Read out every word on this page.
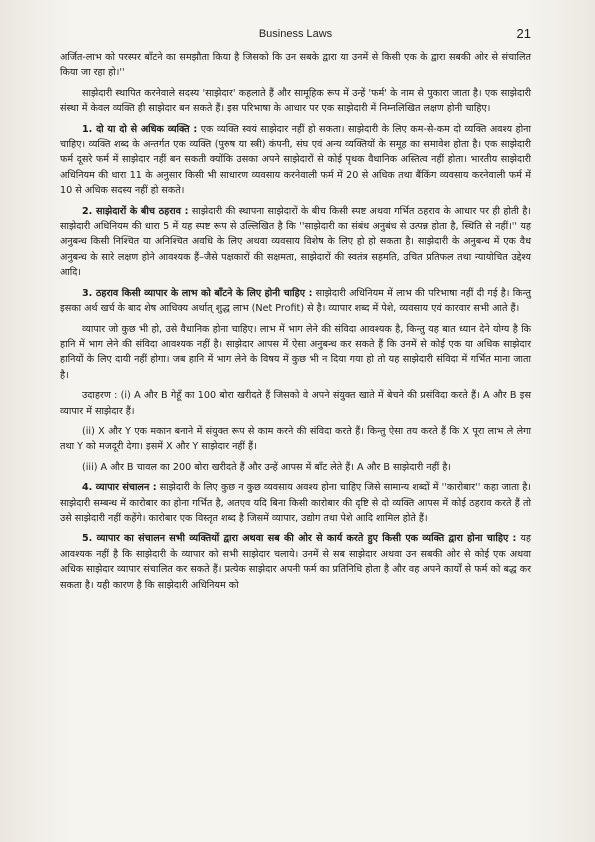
Business Laws	21

अर्जित-लाभ को परस्पर बाँटने का समझौता किया है जिसको कि उन सबके द्वारा या उनमें से किसी एक के द्वारा सबकी ओर से संचालित किया जा रहा हो।''

साझेदारी स्थापित करनेवाले सदस्य 'साझेदार' कहलाते हैं और सामूहिक रूप में उन्हें 'फर्म' के नाम से पुकारा जाता है। एक साझेदारी संस्था में केवल व्यक्ति ही साझेदार बन सकते हैं। इस परिभाषा के आधार पर एक साझेदारी में निम्नलिखित लक्षण होनी चाहिए।

1. दो या दो से अधिक व्यक्ति : एक व्यक्ति स्वयं साझेदार नहीं हो सकता। साझेदारी के लिए कम-से-कम दो व्यक्ति अवश्य होना चाहिए। व्यक्ति शब्द के अन्तर्गत एक व्यक्ति (पुरुष या स्त्री) कंपनी, संघ एवं अन्य व्यक्तियों के समूह का समावेश होता है। एक साझेदारी फर्म दूसरे फर्म में साझेदार नहीं बन सकती क्योंकि उसका अपने साझेदारों से कोई पृथक वैधानिक अस्तित्व नहीं होता। भारतीय साझेदारी अधिनियम की धारा 11 के अनुसार किसी भी साधारण व्यवसाय करनेवाली फर्म में 20 से अधिक तथा बैंकिंग व्यवसाय करनेवाली फर्म में 10 से अधिक सदस्य नहीं हो सकते।

2. साझेदारों के बीच ठहराव : साझेदारी की स्थापना साझेदारों के बीच किसी स्पष्ट अथवा गर्भित ठहराव के आधार पर ही होती है। साझेदारी अधिनियम की धारा 5 में यह स्पष्ट रूप से उल्लिखित है कि ''साझेदारी का संबंध अनुबंध से उत्पन्न होता है, स्थिति से नहीं।'' यह अनुबन्ध किसी निश्चित या अनिश्चित अवधि के लिए अथवा व्यवसाय विशेष के लिए हो हो सकता है। साझेदारी के अनुबन्ध में एक वैध अनुबन्ध के सारे लक्षण होने आवश्यक हैं–जैसे पक्षकारों की सक्षमता, साझेदारों की स्वतंत्र सहमति, उचित प्रतिफल तथा न्यायोचित उद्देश्य आदि।

3. ठहराव किसी व्यापार के लाभ को बाँटने के लिए होनी चाहिए : साझेदारी अधिनियम में लाभ की परिभाषा नहीं दी गई है। किन्तु इसका अर्थ खर्च के बाद शेष आधिक्य अर्थात् शुद्ध लाभ (Net Profit) से है। व्यापार शब्द में पेशे, व्यवसाय एवं कारवार सभी आते हैं।

व्यापार जो कुछ भी हो, उसे वैधानिक होना चाहिए। लाभ में भाग लेने की संविदा आवश्यक है, किन्तु यह बात ध्यान देने योग्य है कि हानि में भाग लेने की संविदा आवश्यक नहीं है। साझेदार आपस में ऐसा अनुबन्ध कर सकते हैं कि उनमें से कोई एक या अधिक साझेदार हानियों के लिए दायी नहीं होगा। जब हानि में भाग लेने के विषय में कुछ भी न दिया गया हो तो यह साझेदारी संविदा में गर्भित माना जाता है।

उदाहरण : (i) A और B गेहूँ का 100 बोरा खरीदते हैं जिसको वे अपने संयुक्त खाते में बेचने की प्रसंविदा करते हैं। A और B इस व्यापार में साझेदार हैं।

(ii) X और Y एक मकान बनाने में संयुक्त रूप से काम करने की संविदा करते हैं। किन्तु ऐसा तय करते हैं कि X पूरा लाभ ले लेगा तथा Y को मजदूरी देगा। इसमें X और Y साझेदार नहीं हैं।

(iii) A और B चावल का 200 बोरा खरीदते हैं और उन्हें आपस में बाँट लेते हैं। A और B साझेदारी नहीं है।

4. व्यापार संचालन : साझेदारी के लिए कुछ न कुछ व्यवसाय अवश्य होना चाहिए जिसे सामान्य शब्दों में ''कारोबार'' कहा जाता है। साझेदारी सम्बन्ध में कारोबार का होना गर्भित है, अतएव यदि बिना किसी कारोबार की दृष्टि से दो व्यक्ति आपस में कोई ठहराव करते हैं तो उसे साझेदारी नहीं कहेंगे। कारोबार एक विस्तृत शब्द है जिसमें व्यापार, उद्योग तथा पेशे आदि शामिल होते हैं।

5. व्यापार का संचालन सभी व्यक्तियों द्वारा अथवा सब की ओर से कार्य करते हुए किसी एक व्यक्ति द्वारा होना चाहिए : यह आवश्यक नहीं है कि साझेदारी के व्यापार को सभी साझेदार चलाये। उनमें से सब साझेदार अथवा उन सबकी ओर से कोई एक अथवा अधिक साझेदार व्यापार संचालित कर सकते हैं। प्रत्येक साझेदार अपनी फर्म का प्रतिनिधि होता है और वह अपने कार्यों से फर्म को बद्ध कर सकता है। यही कारण है कि साझेदारी अधिनियम को
